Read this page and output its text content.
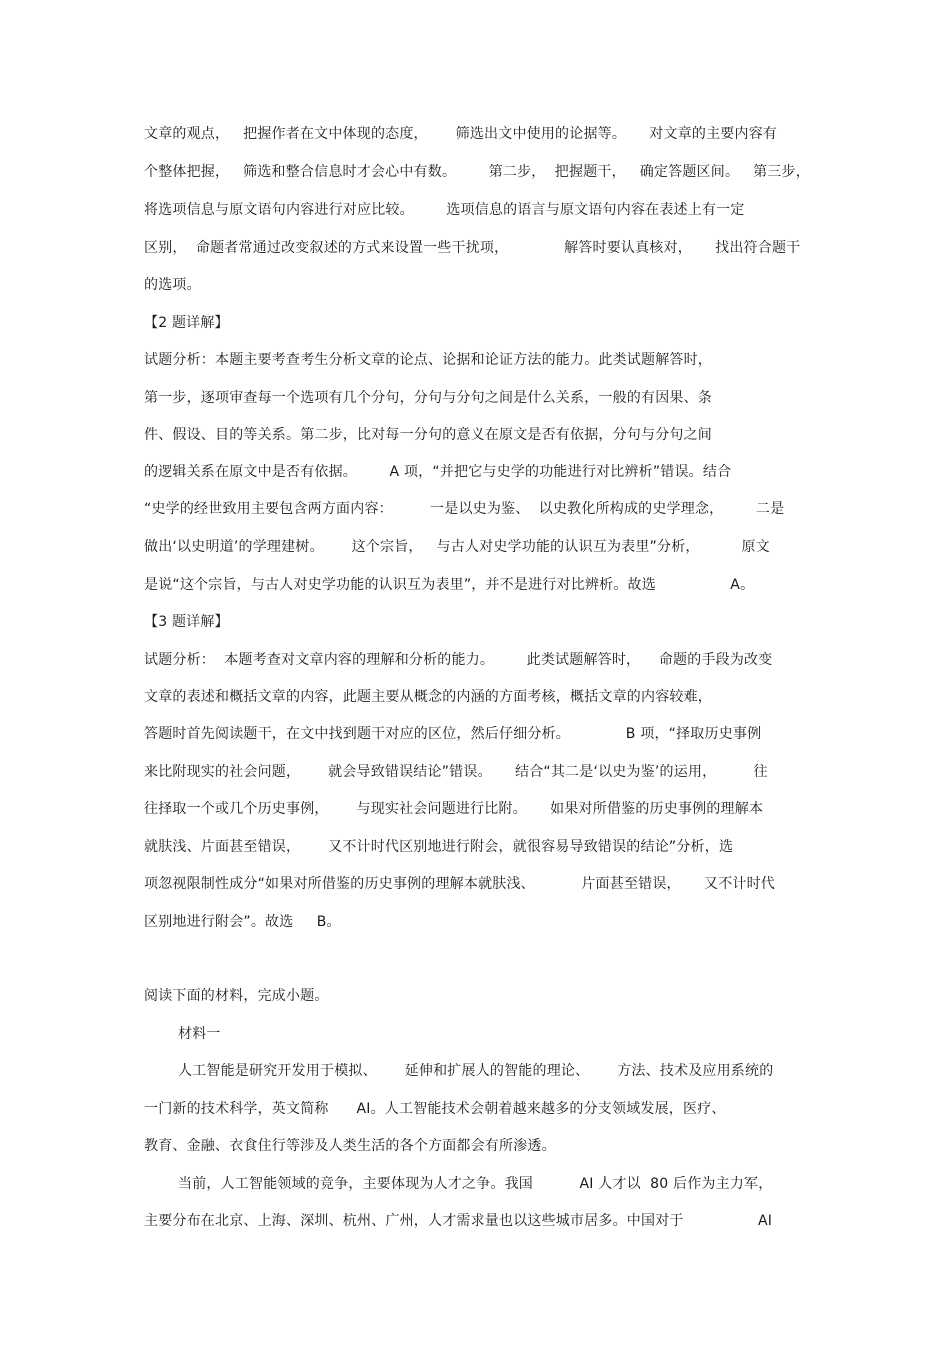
文章的观点，   把握作者在文中体现的态度，      筛选出文中使用的论据等。     对文章的主要内容有
个整体把握，   筛选和整合信息时才会心中有数。       第二步，  把握题干，   确定答题区间。   第三步，
将选项信息与原文语句内容进行对应比较。       选项信息的语言与原文语句内容在表述上有一定
区别，  命题者常通过改变叙述的方式来设置一些干扰项，            解答时要认真核对，     找出符合题干
的选项。
【2 题详解】
试题分析：本题主要考查考生分析文章的论点、论据和论证方法的能力。此类试题解答时，
第一步，逐项审查每一个选项有几个分句，分句与分句之间是什么关系，一般的有因果、条
件、假设、目的等关系。第二步，比对每一分句的意义在原文是否有依据，分句与分句之间
的逻辑关系在原文中是否有依据。       A 项，“并把它与史学的功能进行对比辨析”错误。结合
“史学的经世致用主要包含两方面内容：        一是以史为鉴、  以史教化所构成的史学理念，       二是
做出‘以史明道’的学理建树。      这个宗旨，   与古人对史学功能的认识互为表里”分析，         原文
是说“这个宗旨，与古人对史学功能的认识互为表里”，并不是进行对比辨析。故选                A。
【3 题详解】
试题分析：  本题考查对文章内容的理解和分析的能力。       此类试题解答时，    命题的手段为改变
文章的表述和概括文章的内容，此题主要从概念的内涵的方面考核，概括文章的内容较难，
答题时首先阅读题干，在文中找到题干对应的区位，然后仔细分析。            B 项，“择取历史事例
来比附现实的社会问题，      就会导致错误结论”错误。     结合“其二是‘以史为鉴’的运用，        往
往择取一个或几个历史事例，      与现实社会问题进行比附。     如果对所借鉴的历史事例的理解本
就肤浅、片面甚至错误，      又不计时代区别地进行附会，就很容易导致错误的结论”分析，选
项忽视限制性成分“如果对所借鉴的历史事例的理解本就肤浅、          片面甚至错误，     又不计时代
区别地进行附会”。故选     B。
阅读下面的材料，完成小题。
材料一
人工智能是研究开发用于模拟、      延伸和扩展人的智能的理论、      方法、技术及应用系统的
一门新的技术科学，英文简称      AI。人工智能技术会朝着越来越多的分支领域发展，医疗、
教育、金融、衣食住行等涉及人类生活的各个方面都会有所渗透。
当前，人工智能领域的竞争，主要体现为人才之争。我国          AI 人才以  80 后作为主力军，
主要分布在北京、上海、深圳、杭州、广州，人才需求量也以这些城市居多。中国对于                AI
